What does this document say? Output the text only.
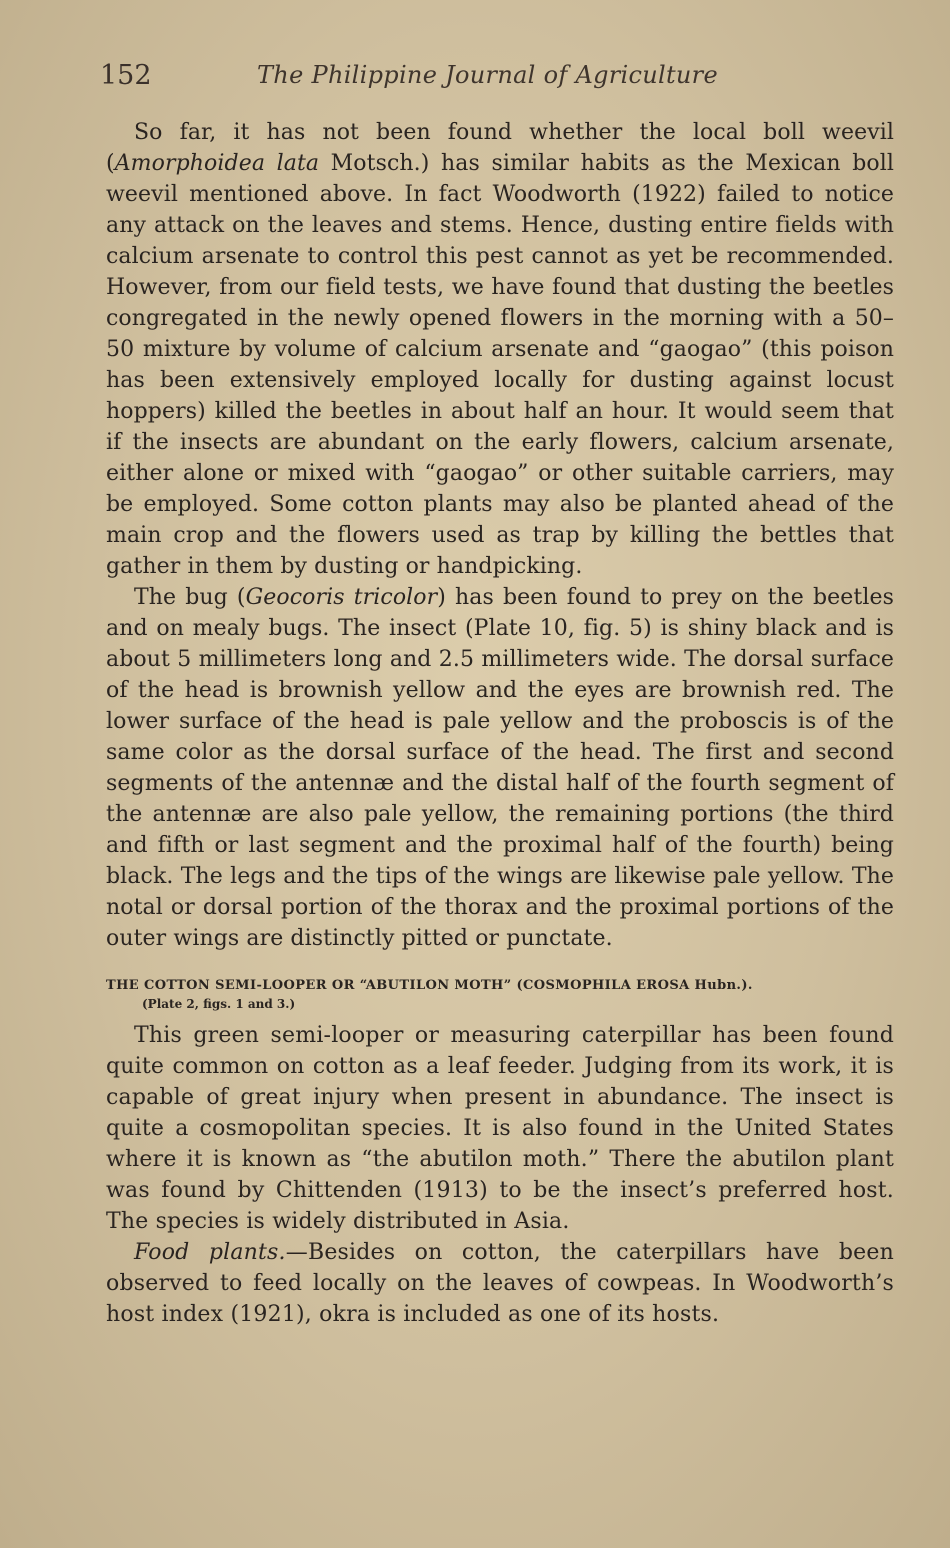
152	The Philippine Journal of Agriculture

So far, it has not been found whether the local boll weevil (Amorphoidea lata Motsch.) has similar habits as the Mexican boll weevil mentioned above. In fact Woodworth (1922) failed to notice any attack on the leaves and stems. Hence, dusting entire fields with calcium arsenate to control this pest cannot as yet be recommended. However, from our field tests, we have found that dusting the beetles congregated in the newly opened flowers in the morning with a 50–50 mixture by volume of calcium arsenate and “gaogao” (this poison has been extensively employed locally for dusting against locust hoppers) killed the beetles in about half an hour. It would seem that if the insects are abundant on the early flowers, calcium arsenate, either alone or mixed with “gaogao” or other suitable carriers, may be employed. Some cotton plants may also be planted ahead of the main crop and the flowers used as trap by killing the bettles that gather in them by dusting or handpicking.

The bug (Geocoris tricolor) has been found to prey on the beetles and on mealy bugs. The insect (Plate 10, fig. 5) is shiny black and is about 5 millimeters long and 2.5 millimeters wide. The dorsal surface of the head is brownish yellow and the eyes are brownish red. The lower surface of the head is pale yellow and the proboscis is of the same color as the dorsal surface of the head. The first and second segments of the antennæ and the distal half of the fourth segment of the antennæ are also pale yellow, the remaining portions (the third and fifth or last segment and the proximal half of the fourth) being black. The legs and the tips of the wings are likewise pale yellow. The notal or dorsal portion of the thorax and the proximal portions of the outer wings are distinctly pitted or punctate.

THE COTTON SEMI-LOOPER OR “ABUTILON MOTH” (COSMOPHILA EROSA Hubn.).
(Plate 2, figs. 1 and 3.)

This green semi-looper or measuring caterpillar has been found quite common on cotton as a leaf feeder. Judging from its work, it is capable of great injury when present in abundance. The insect is quite a cosmopolitan species. It is also found in the United States where it is known as “the abutilon moth.” There the abutilon plant was found by Chittenden (1913) to be the insect’s preferred host. The species is widely distributed in Asia.

Food plants.—Besides on cotton, the caterpillars have been observed to feed locally on the leaves of cowpeas. In Woodworth’s host index (1921), okra is included as one of its hosts.
